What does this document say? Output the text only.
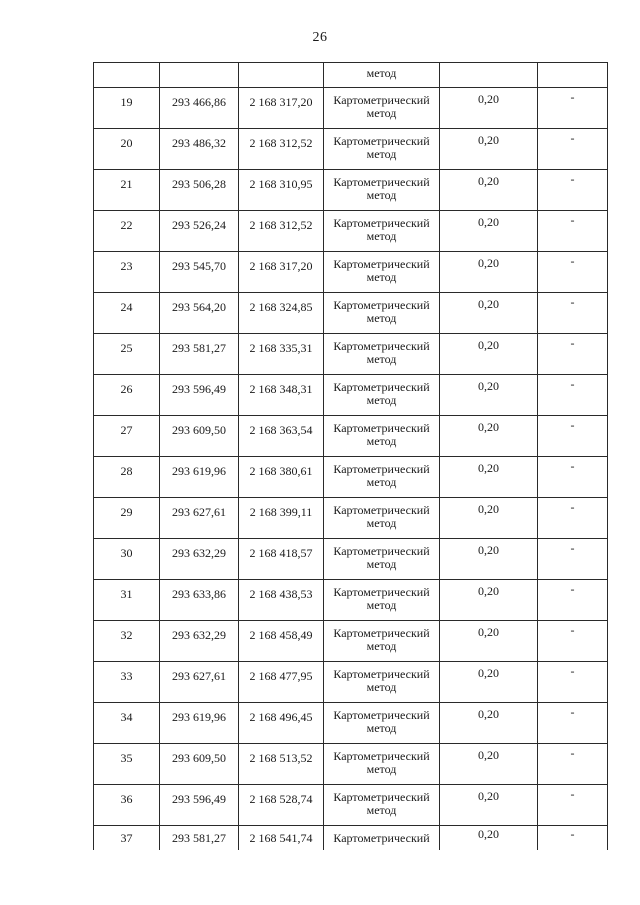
26

			метод		

19	293 466,86	2 168 317,20	Картометрический
метод	0,20	-

20	293 486,32	2 168 312,52	Картометрический
метод	0,20	-

21	293 506,28	2 168 310,95	Картометрический
метод	0,20	-

22	293 526,24	2 168 312,52	Картометрический
метод	0,20	-

23	293 545,70	2 168 317,20	Картометрический
метод	0,20	-

24	293 564,20	2 168 324,85	Картометрический
метод	0,20	-

25	293 581,27	2 168 335,31	Картометрический
метод	0,20	-

26	293 596,49	2 168 348,31	Картометрический
метод	0,20	-

27	293 609,50	2 168 363,54	Картометрический
метод	0,20	-

28	293 619,96	2 168 380,61	Картометрический
метод	0,20	-

29	293 627,61	2 168 399,11	Картометрический
метод	0,20	-

30	293 632,29	2 168 418,57	Картометрический
метод	0,20	-

31	293 633,86	2 168 438,53	Картометрический
метод	0,20	-

32	293 632,29	2 168 458,49	Картометрический
метод	0,20	-

33	293 627,61	2 168 477,95	Картометрический
метод	0,20	-

34	293 619,96	2 168 496,45	Картометрический
метод	0,20	-

35	293 609,50	2 168 513,52	Картометрический
метод	0,20	-

36	293 596,49	2 168 528,74	Картометрический
метод	0,20	-

37	293 581,27	2 168 541,74	Картометрический	0,20	-
